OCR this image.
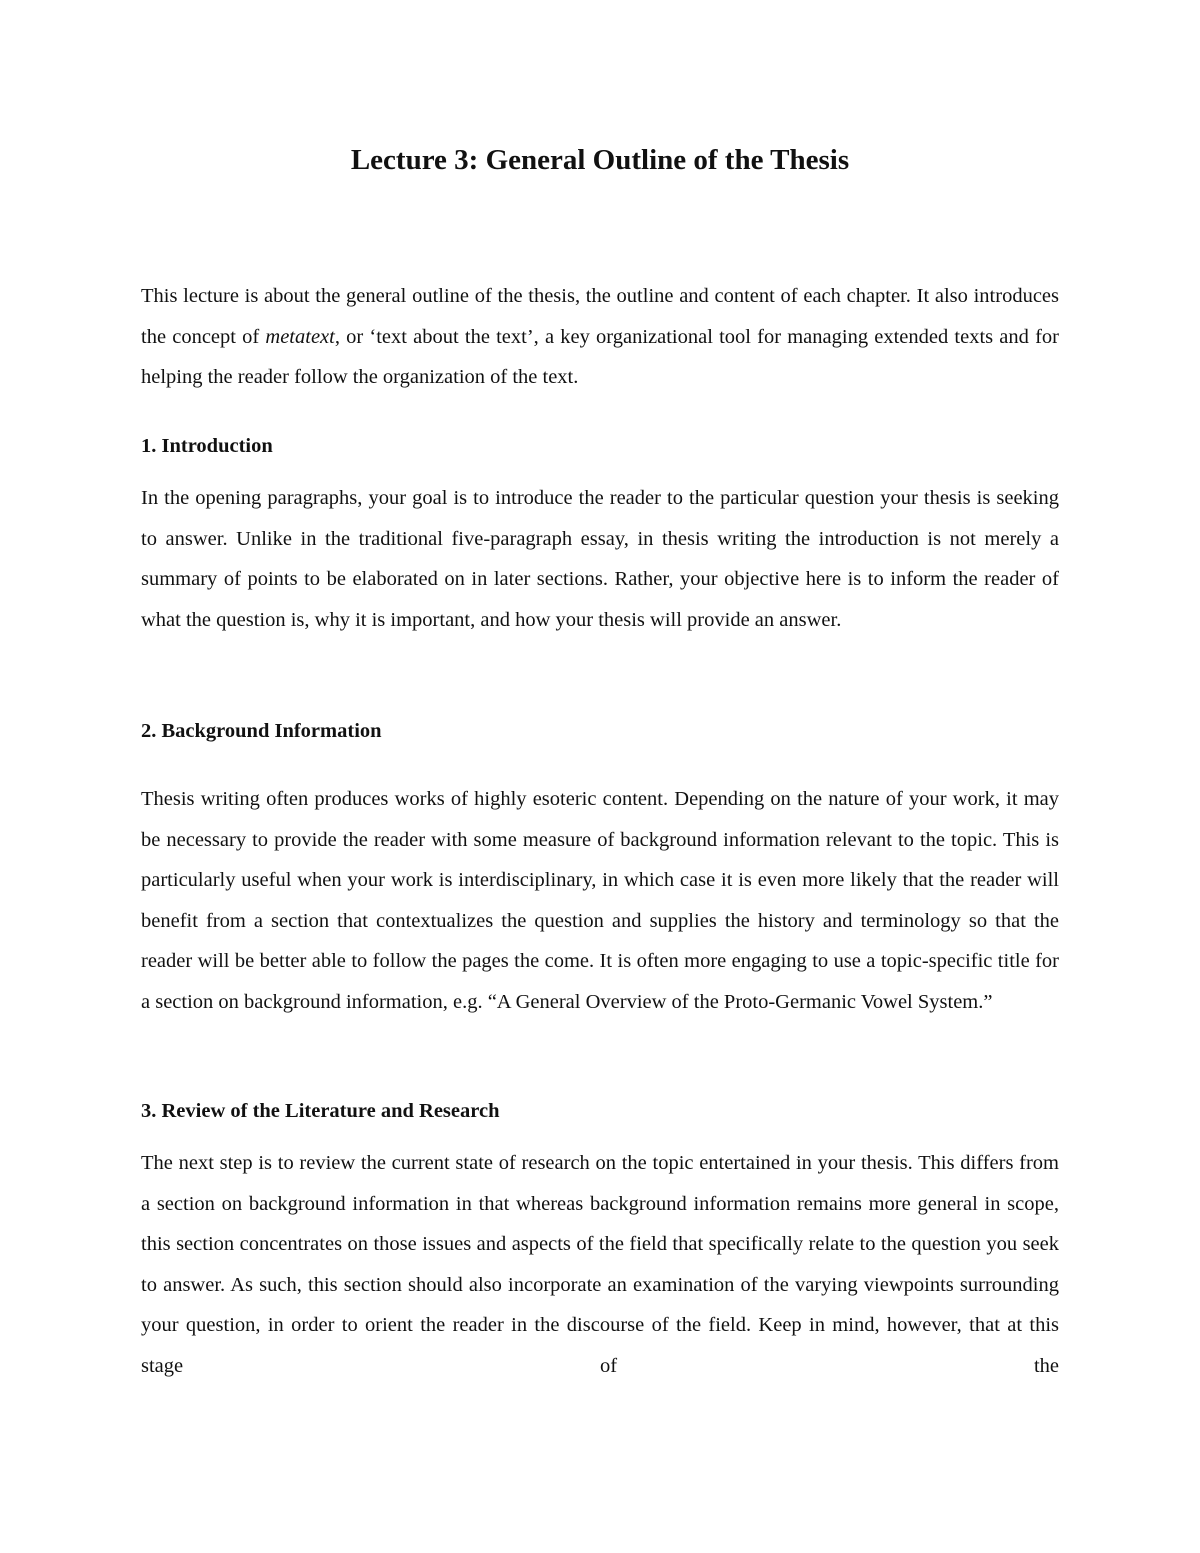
Lecture 3: General Outline of the Thesis

This lecture is about the general outline of the thesis, the outline and content of each chapter. It also introduces the concept of metatext, or ‘text about the text’, a key organizational tool for managing extended texts and for helping the reader follow the organization of the text.

1. Introduction

In the opening paragraphs, your goal is to introduce the reader to the particular question your thesis is seeking to answer. Unlike in the traditional five-paragraph essay, in thesis writing the introduction is not merely a summary of points to be elaborated on in later sections. Rather, your objective here is to inform the reader of what the question is, why it is important, and how your thesis will provide an answer.

2. Background Information

Thesis writing often produces works of highly esoteric content. Depending on the nature of your work, it may be necessary to provide the reader with some measure of background information relevant to the topic. This is particularly useful when your work is interdisciplinary, in which case it is even more likely that the reader will benefit from a section that contextualizes the question and supplies the history and terminology so that the reader will be better able to follow the pages the come. It is often more engaging to use a topic-specific title for a section on background information, e.g. “A General Overview of the Proto-Germanic Vowel System.”

3. Review of the Literature and Research

The next step is to review the current state of research on the topic entertained in your thesis. This differs from a section on background information in that whereas background information remains more general in scope, this section concentrates on those issues and aspects of the field that specifically relate to the question you seek to answer. As such, this section should also incorporate an examination of the varying viewpoints surrounding your question, in order to orient the reader in the discourse of the field. Keep in mind, however, that at this stage of the
